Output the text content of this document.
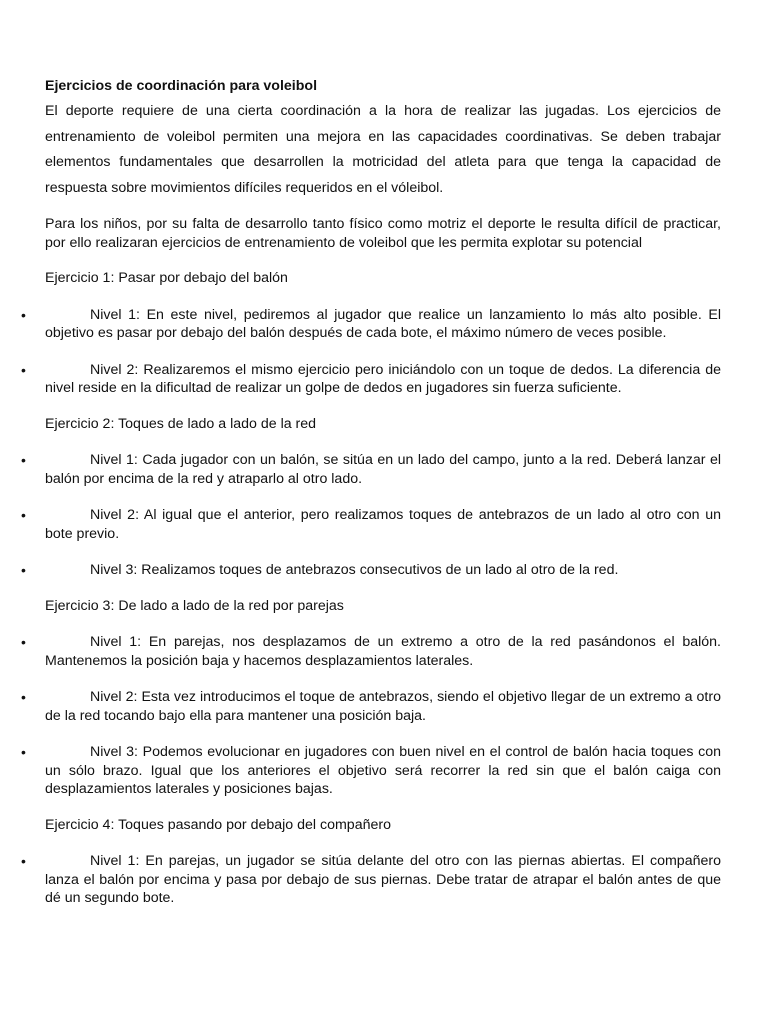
Ejercicios de coordinación para voleibol

El deporte requiere de una cierta coordinación a la hora de realizar las jugadas. Los ejercicios de entrenamiento de voleibol permiten una mejora en las capacidades coordinativas. Se deben trabajar elementos fundamentales que desarrollen la motricidad del atleta para que tenga la capacidad de respuesta sobre movimientos difíciles requeridos en el vóleibol.

Para los niños, por su falta de desarrollo tanto físico como motriz el deporte le resulta difícil de practicar, por ello realizaran ejercicios de entrenamiento de voleibol que les permita explotar su potencial

Ejercicio 1: Pasar por debajo del balón

•	Nivel 1: En este nivel, pediremos al jugador que realice un lanzamiento lo más alto posible. El objetivo es pasar por debajo del balón después de cada bote, el máximo número de veces posible.
•	Nivel 2: Realizaremos el mismo ejercicio pero iniciándolo con un toque de dedos. La diferencia de nivel reside en la dificultad de realizar un golpe de dedos en jugadores sin fuerza suficiente.

Ejercicio 2: Toques de lado a lado de la red

•	Nivel 1: Cada jugador con un balón, se sitúa en un lado del campo, junto a la red. Deberá lanzar el balón por encima de la red y atraparlo al otro lado.
•	Nivel 2: Al igual que el anterior, pero realizamos toques de antebrazos de un lado al otro con un bote previo.
•	Nivel 3: Realizamos toques de antebrazos consecutivos de un lado al otro de la red.

Ejercicio 3: De lado a lado de la red por parejas

•	Nivel 1: En parejas, nos desplazamos de un extremo a otro de la red pasándonos el balón. Mantenemos la posición baja y hacemos desplazamientos laterales.
•	Nivel 2: Esta vez introducimos el toque de antebrazos, siendo el objetivo llegar de un extremo a otro de la red tocando bajo ella para mantener una posición baja.
•	Nivel 3: Podemos evolucionar en jugadores con buen nivel en el control de balón hacia toques con un sólo brazo. Igual que los anteriores el objetivo será recorrer la red sin que el balón caiga con desplazamientos laterales y posiciones bajas.

Ejercicio 4: Toques pasando por debajo del compañero

•	Nivel 1: En parejas, un jugador se sitúa delante del otro con las piernas abiertas. El compañero lanza el balón por encima y pasa por debajo de sus piernas. Debe tratar de atrapar el balón antes de que dé un segundo bote.
